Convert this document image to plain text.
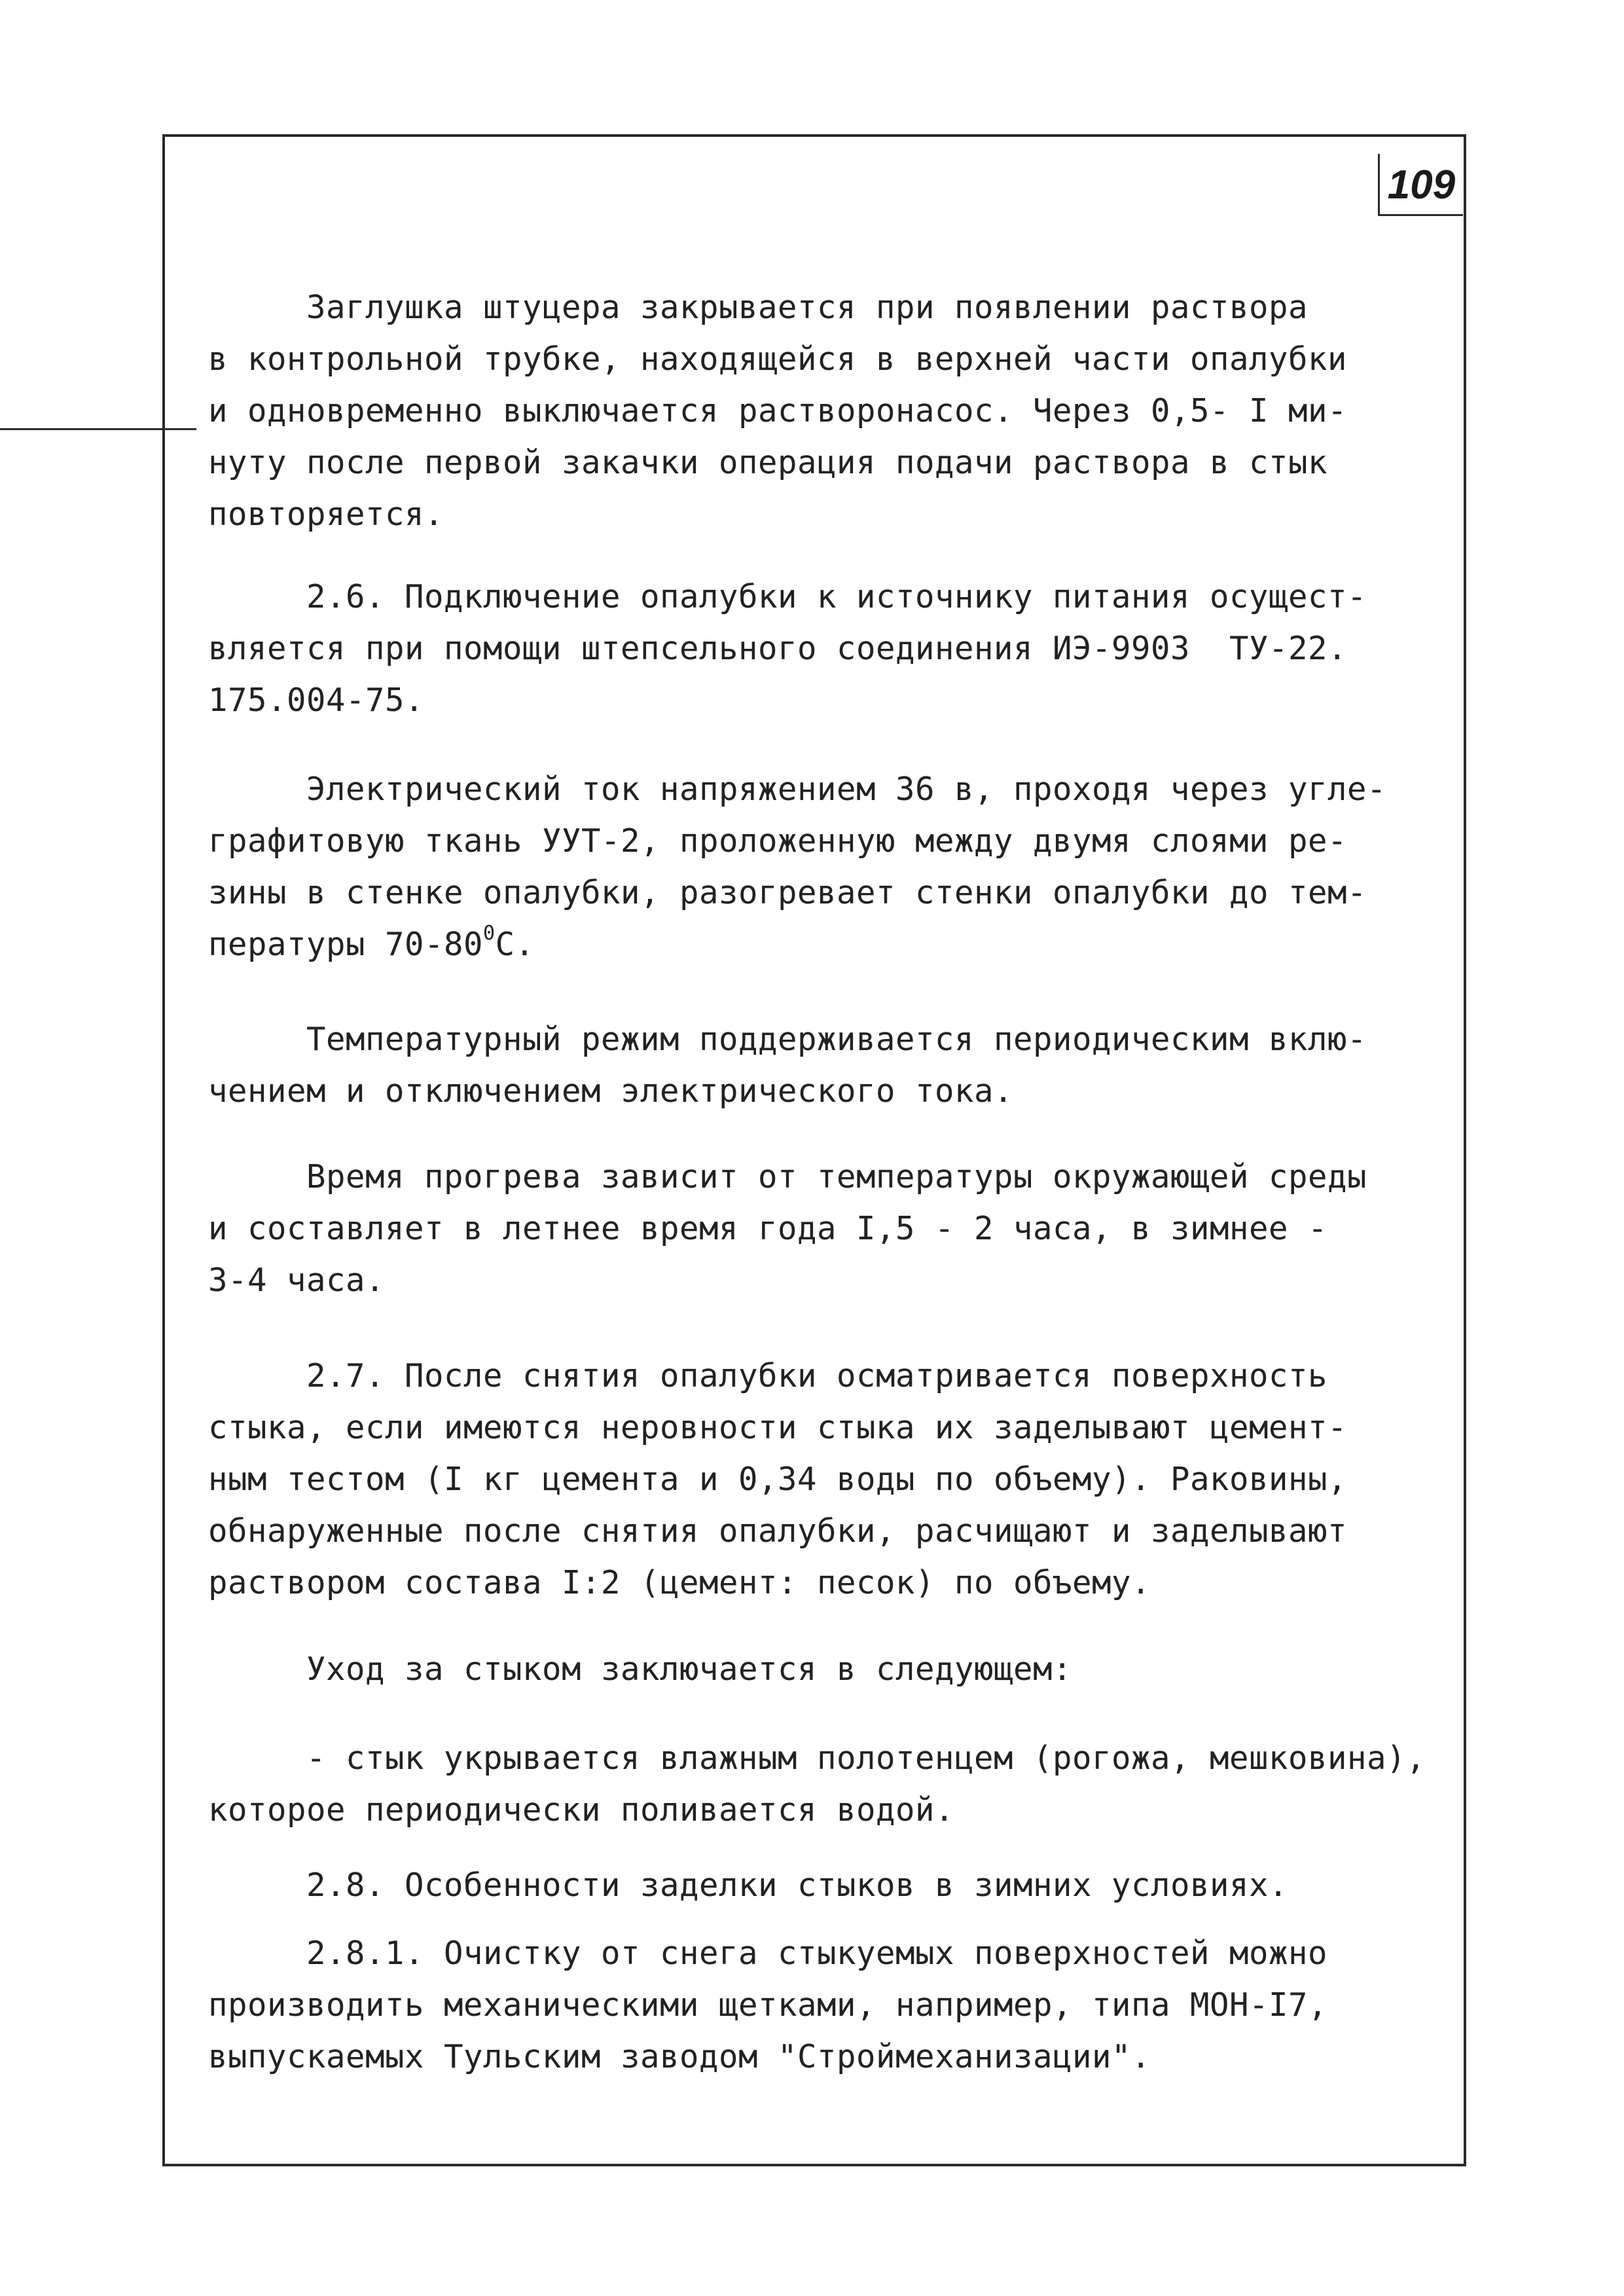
109
Заглушка штуцера закрывается при появлении раствора
в контрольной трубке, находящейся в верхней части опалубки
и одновременно выключается растворонасос. Через 0,5- I ми-
нуту после первой закачки операция подачи раствора в стык
повторяется.
2.6. Подключение опалубки к источнику питания осущест-
вляется при помощи штепсельного соединения ИЭ-9903  ТУ-22.
175.004-75.
Электрический ток напряжением 36 в, проходя через угле-
графитовую ткань УУТ-2, проложенную между двумя слоями ре-
зины в стенке опалубки, разогревает стенки опалубки до тем-
пературы $70-80^0С$.
Температурный режим поддерживается периодическим вклю-
чением и отключением электрического тока.
Время прогрева зависит от температуры окружающей среды
и составляет в летнее время года I,5 - 2 часа, в зимнее -
3-4 часа.
2.7. После снятия опалубки осматривается поверхность
стыка, если имеются неровности стыка их заделывают цемент-
ным тестом (I кг цемента и 0,34 воды по объему). Раковины,
обнаруженные после снятия опалубки, расчищают и заделывают
раствором состава I:2 (цемент: песок) по объему.
Уход за стыком заключается в следующем:
- стык укрывается влажным полотенцем (рогожа, мешковина),
которое периодически поливается водой.
2.8. Особенности заделки стыков в зимних условиях.
2.8.1. Очистку от снега стыкуемых поверхностей можно
производить механическими щетками, например, типа МОН-I7,
выпускаемых Тульским заводом "Строймеханизации".
